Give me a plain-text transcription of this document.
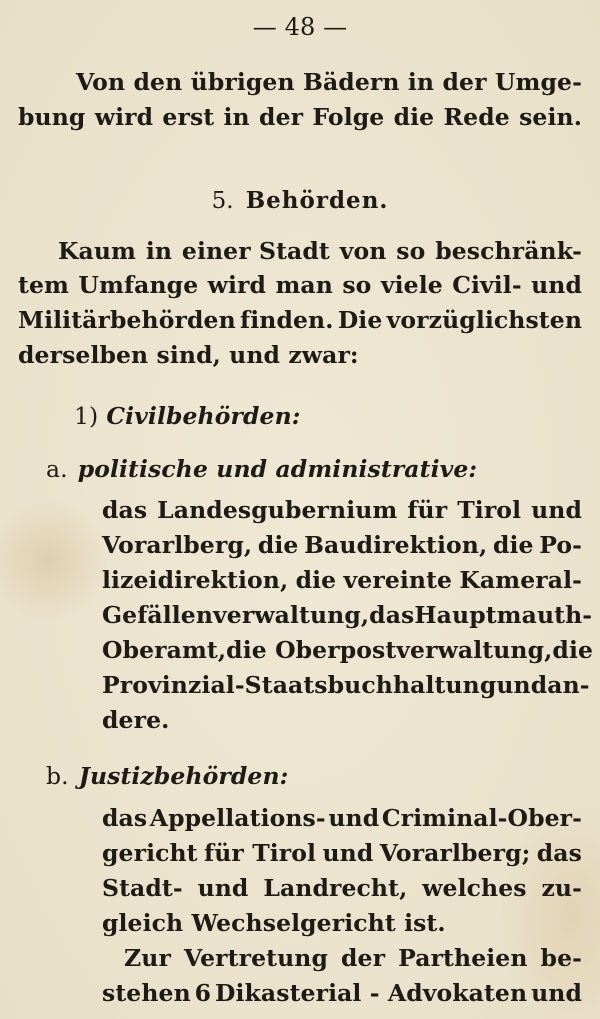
— 48 —
Von den übrigen Bädern in der Umge-
bung wird erst in der Folge die Rede sein.
5. Behörden.
Kaum in einer Stadt von so beschränk-
tem Umfange wird man so viele Civil- und
Militärbehörden finden. Die vorzüglichsten
derselben sind, und zwar:
1) Civilbehörden:
a. politische und administrative:
das Landesgubernium für Tirol und
Vorarlberg, die Baudirektion, die Po-
lizeidirektion, die vereinte Kameral-
Gefällenverwaltung, das Hauptmauth-
Oberamt, die Oberpostverwaltung, die
Provinzial-Staatsbuchhaltung und an-
dere.
b. Justizbehörden:
das Appellations- und Criminal-Ober-
gericht für Tirol und Vorarlberg; das
Stadt- und Landrecht, welches zu-
gleich Wechselgericht ist.
Zur Vertretung der Partheien be-
stehen 6 Dikasterial - Advokaten und
